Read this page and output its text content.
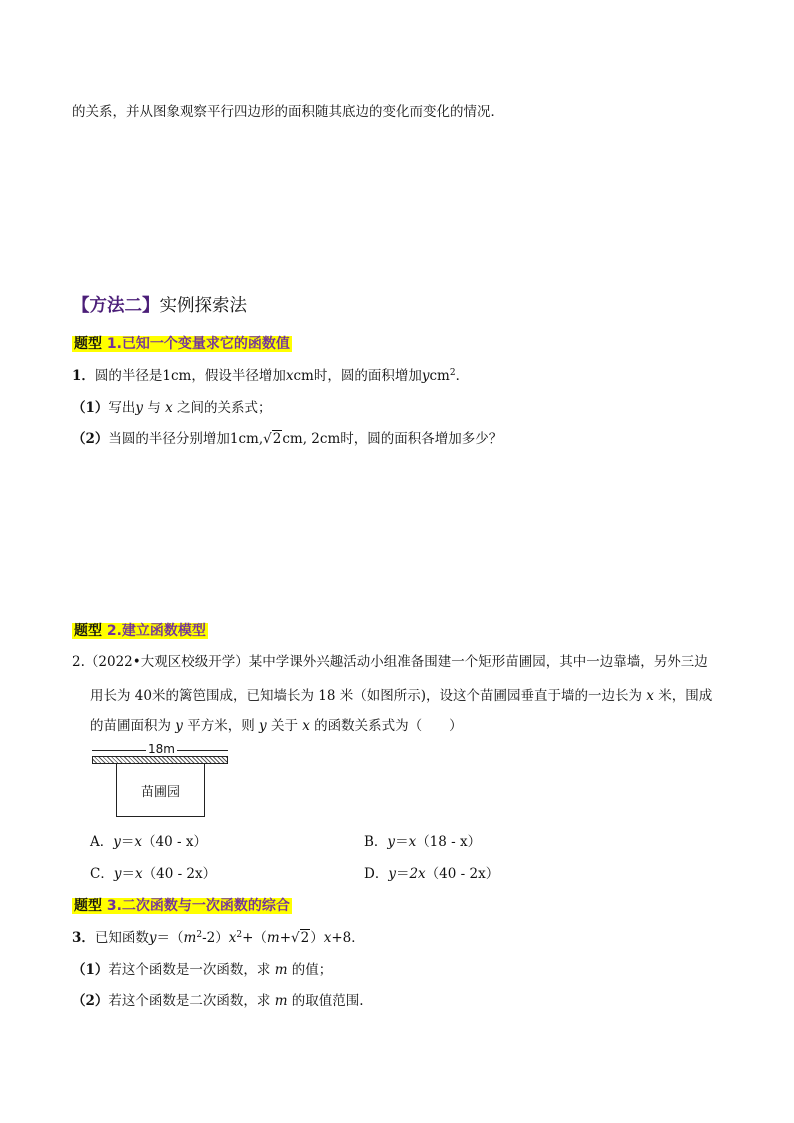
的关系，并从图象观察平行四边形的面积随其底边的变化而变化的情况．
【方法二】实例探索法
题型 1.已知一个变量求它的函数值
1．圆的半径是1cm，假设半径增加xcm时，圆的面积增加ycm$^2$．
（1）写出y 与 x 之间的关系式；
（2）当圆的半径分别增加1cm,√2cm, 2cm时，圆的面积各增加多少？
题型 2.建立函数模型
2.（2022•大观区校级开学）某中学课外兴趣活动小组准备围建一个矩形苗圃园，其中一边靠墙，另外三边
用长为 40米的篱笆围成，已知墙长为 18 米（如图所示)，设这个苗圃园垂直于墙的一边长为 x 米，围成
的苗圃面积为 y 平方米，则 y 关于 x 的函数关系式为（　　）
18m
苗圃园
A．y＝x（40 - x）	B．y＝x（18 - x）
C．y＝x（40 - 2x）	D．y＝2x（40 - 2x）
题型 3.二次函数与一次函数的综合
3．已知函数$y=(m^2-2)x^2+(m+√2)x+8$．
（1）若这个函数是一次函数，求 m 的值；
（2）若这个函数是二次函数，求 m 的取值范围.
